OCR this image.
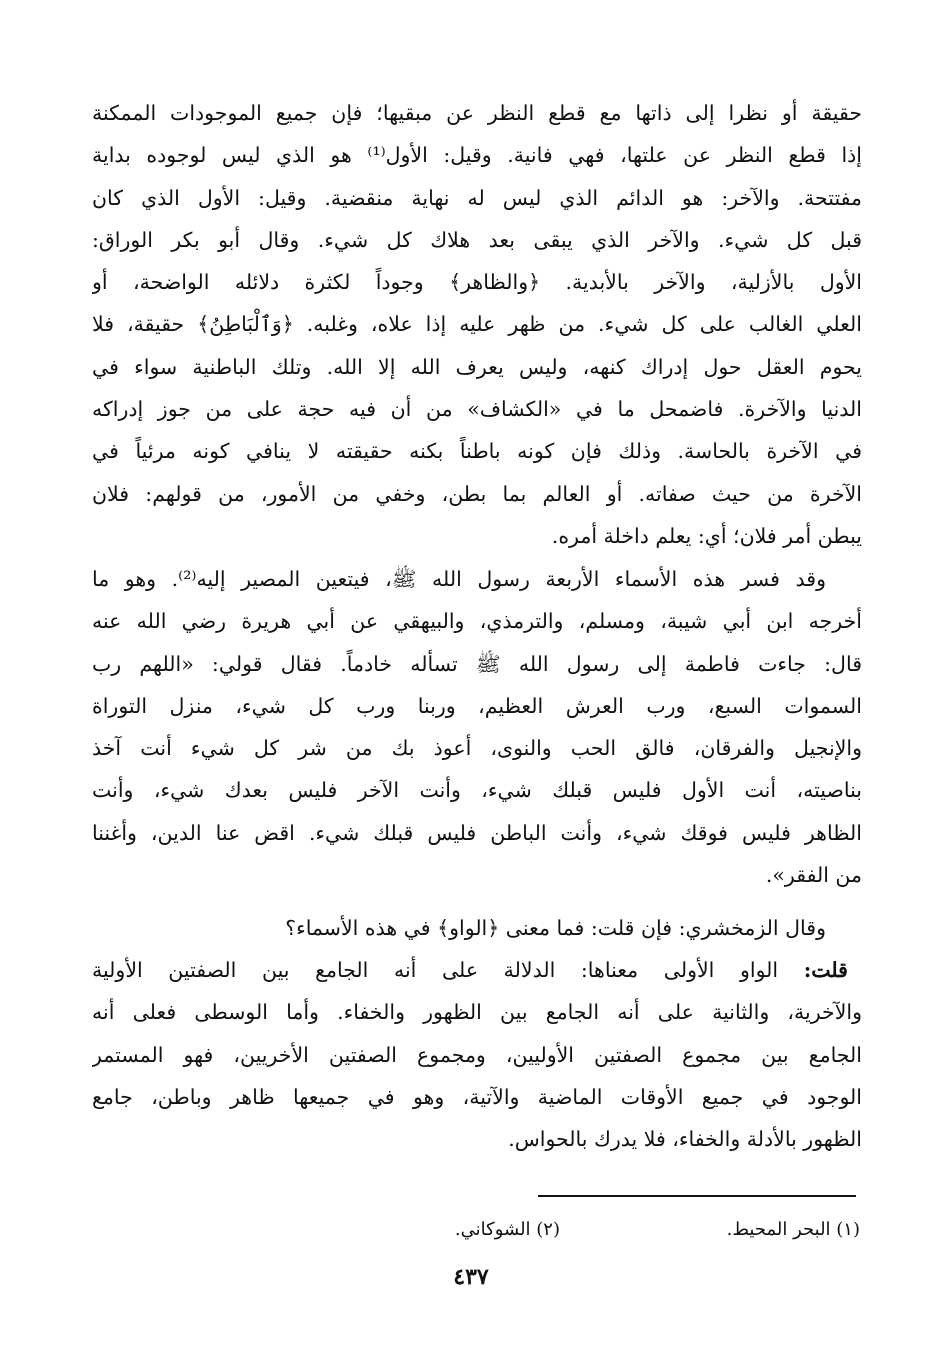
حقيقة أو نظرا إلى ذاتها مع قطع النظر عن مبقيها؛ فإن جميع الموجودات الممكنة
إذا قطع النظر عن علتها، فهي فانية. وقيل: الأول⁽¹⁾ هو الذي ليس لوجوده بداية
مفتتحة. والآخر: هو الدائم الذي ليس له نهاية منقضية. وقيل: الأول الذي كان
قبل كل شيء. والآخر الذي يبقى بعد هلاك كل شيء. وقال أبو بكر الوراق:
الأول بالأزلية، والآخر بالأبدية. ﴿والظاهر﴾ وجوداً لكثرة دلائله الواضحة، أو
العلي الغالب على كل شيء. من ظهر عليه إذا علاه، وغلبه. ﴿وَٱلْبَاطِنُ﴾ حقيقة، فلا
يحوم العقل حول إدراك كنهه، وليس يعرف الله إلا الله. وتلك الباطنية سواء في
الدنيا والآخرة. فاضمحل ما في «الكشاف» من أن فيه حجة على من جوز إدراكه
في الآخرة بالحاسة. وذلك فإن كونه باطناً بكنه حقيقته لا ينافي كونه مرئياً في
الآخرة من حيث صفاته. أو العالم بما بطن، وخفي من الأمور، من قولهم: فلان
يبطن أمر فلان؛ أي: يعلم داخلة أمره.
وقد فسر هذه الأسماء الأربعة رسول الله ﷺ، فيتعين المصير إليه⁽²⁾. وهو ما
أخرجه ابن أبي شيبة، ومسلم، والترمذي، والبيهقي عن أبي هريرة رضي الله عنه
قال: جاءت فاطمة إلى رسول الله ﷺ تسأله خادماً. فقال قولي: «اللهم رب
السموات السبع، ورب العرش العظيم، وربنا ورب كل شيء، منزل التوراة
والإنجيل والفرقان، فالق الحب والنوى، أعوذ بك من شر كل شيء أنت آخذ
بناصيته، أنت الأول فليس قبلك شيء، وأنت الآخر فليس بعدك شيء، وأنت
الظاهر فليس فوقك شيء، وأنت الباطن فليس قبلك شيء. اقض عنا الدين، وأغننا
من الفقر».
وقال الزمخشري: فإن قلت: فما معنى ﴿الواو﴾ في هذه الأسماء؟
قلت: الواو الأولى معناها: الدلالة على أنه الجامع بين الصفتين الأولية
والآخرية، والثانية على أنه الجامع بين الظهور والخفاء. وأما الوسطى فعلى أنه
الجامع بين مجموع الصفتين الأوليين، ومجموع الصفتين الأخريين، فهو المستمر
الوجود في جميع الأوقات الماضية والآتية، وهو في جميعها ظاهر وباطن، جامع
الظهور بالأدلة والخفاء، فلا يدرك بالحواس.
(١) البحر المحيط.
(٢) الشوكاني.
٤٣٧
